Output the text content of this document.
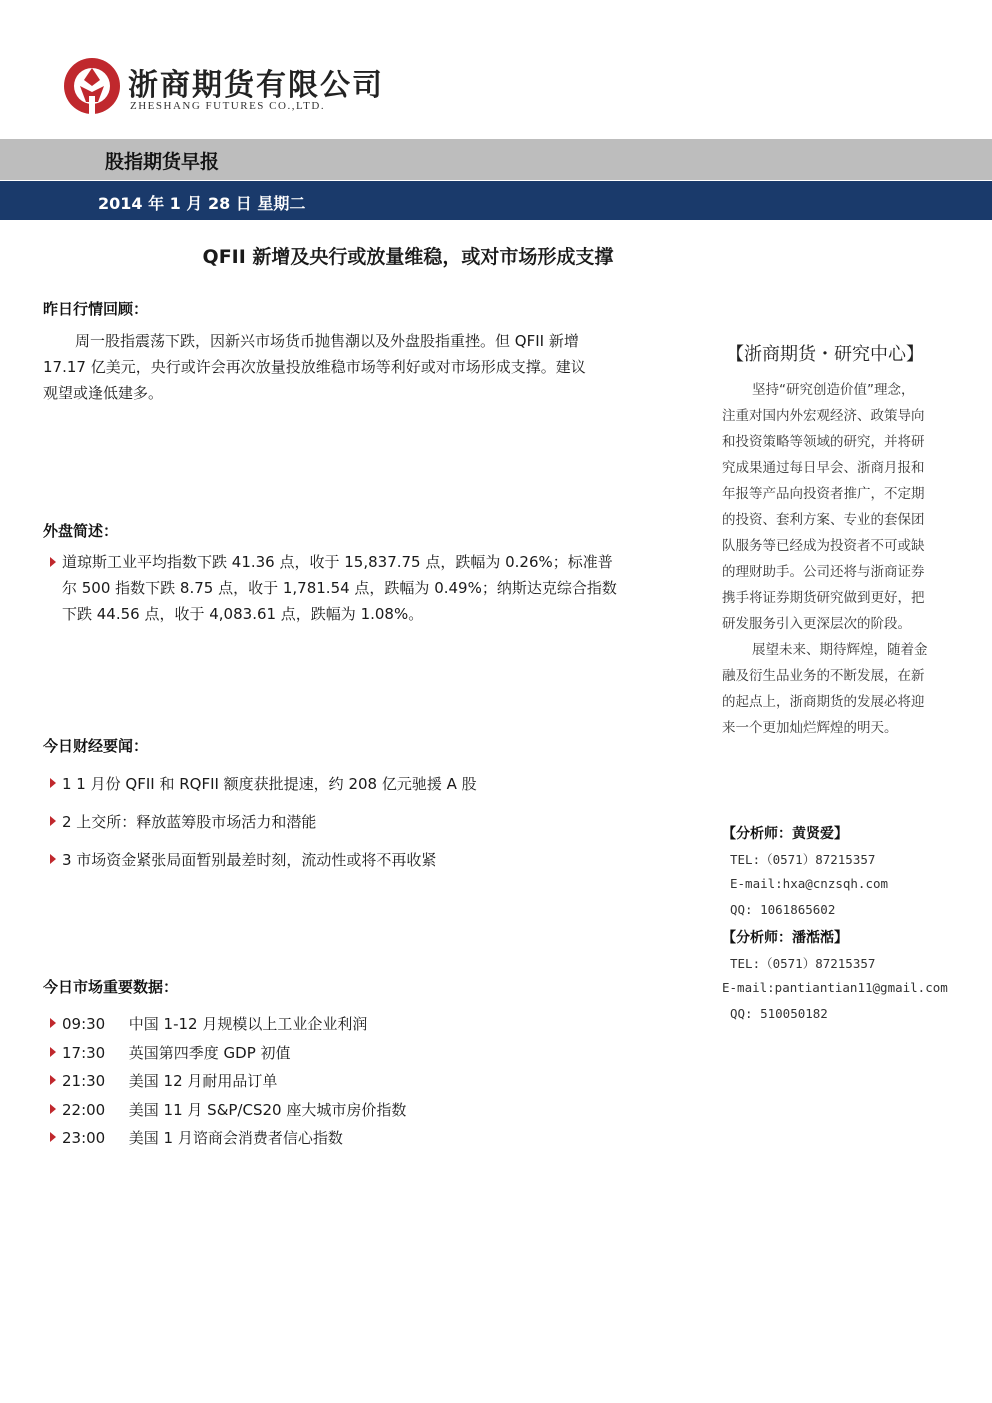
浙商期货有限公司
ZHESHANG FUTURES CO.,LTD.
股指期货早报
2014 年 1 月 28 日 星期二
QFII 新增及央行或放量维稳，或对市场形成支撑
昨日行情回顾：
周一股指震荡下跌，因新兴市场货币抛售潮以及外盘股指重挫。但 QFII 新增
17.17 亿美元，央行或许会再次放量投放维稳市场等利好或对市场形成支撑。建议
观望或逢低建多。
外盘简述：
道琼斯工业平均指数下跌 41.36 点，收于 15,837.75 点，跌幅为 0.26%；标准普
尔 500 指数下跌 8.75 点，收于 1,781.54 点，跌幅为 0.49%；纳斯达克综合指数
下跌 44.56 点，收于 4,083.61 点，跌幅为 1.08%。
今日财经要闻：
1 1 月份 QFII 和 RQFII 额度获批提速，约 208 亿元驰援 A 股
2 上交所：释放蓝筹股市场活力和潜能
3 市场资金紧张局面暂别最差时刻，流动性或将不再收紧
今日市场重要数据：
09:30 中国 1-12 月规模以上工业企业利润
17:30 英国第四季度 GDP 初值
21:30 美国 12 月耐用品订单
22:00 美国 11 月 S&P/CS20 座大城市房价指数
23:00 美国 1 月谘商会消费者信心指数
【浙商期货・研究中心】

坚持“研究创造价值”理念，

注重对国内外宏观经济、政策导向

和投资策略等领域的研究，并将研

究成果通过每日早会、浙商月报和

年报等产品向投资者推广，不定期

的投资、套利方案、专业的套保团

队服务等已经成为投资者不可或缺

的理财助手。公司还将与浙商证券

携手将证券期货研究做到更好，把

研发服务引入更深层次的阶段。

展望未来、期待辉煌，随着金

融及衍生品业务的不断发展，在新

的起点上，浙商期货的发展必将迎

来一个更加灿烂辉煌的明天。

【分析师：黄贤爱】
TEL:（0571）87215357
E-mail:hxa@cnzsqh.com
QQ: 1061865602
【分析师：潘湉湉】
TEL:（0571）87215357
E-mail:pantiantian11@gmail.com
QQ: 510050182
